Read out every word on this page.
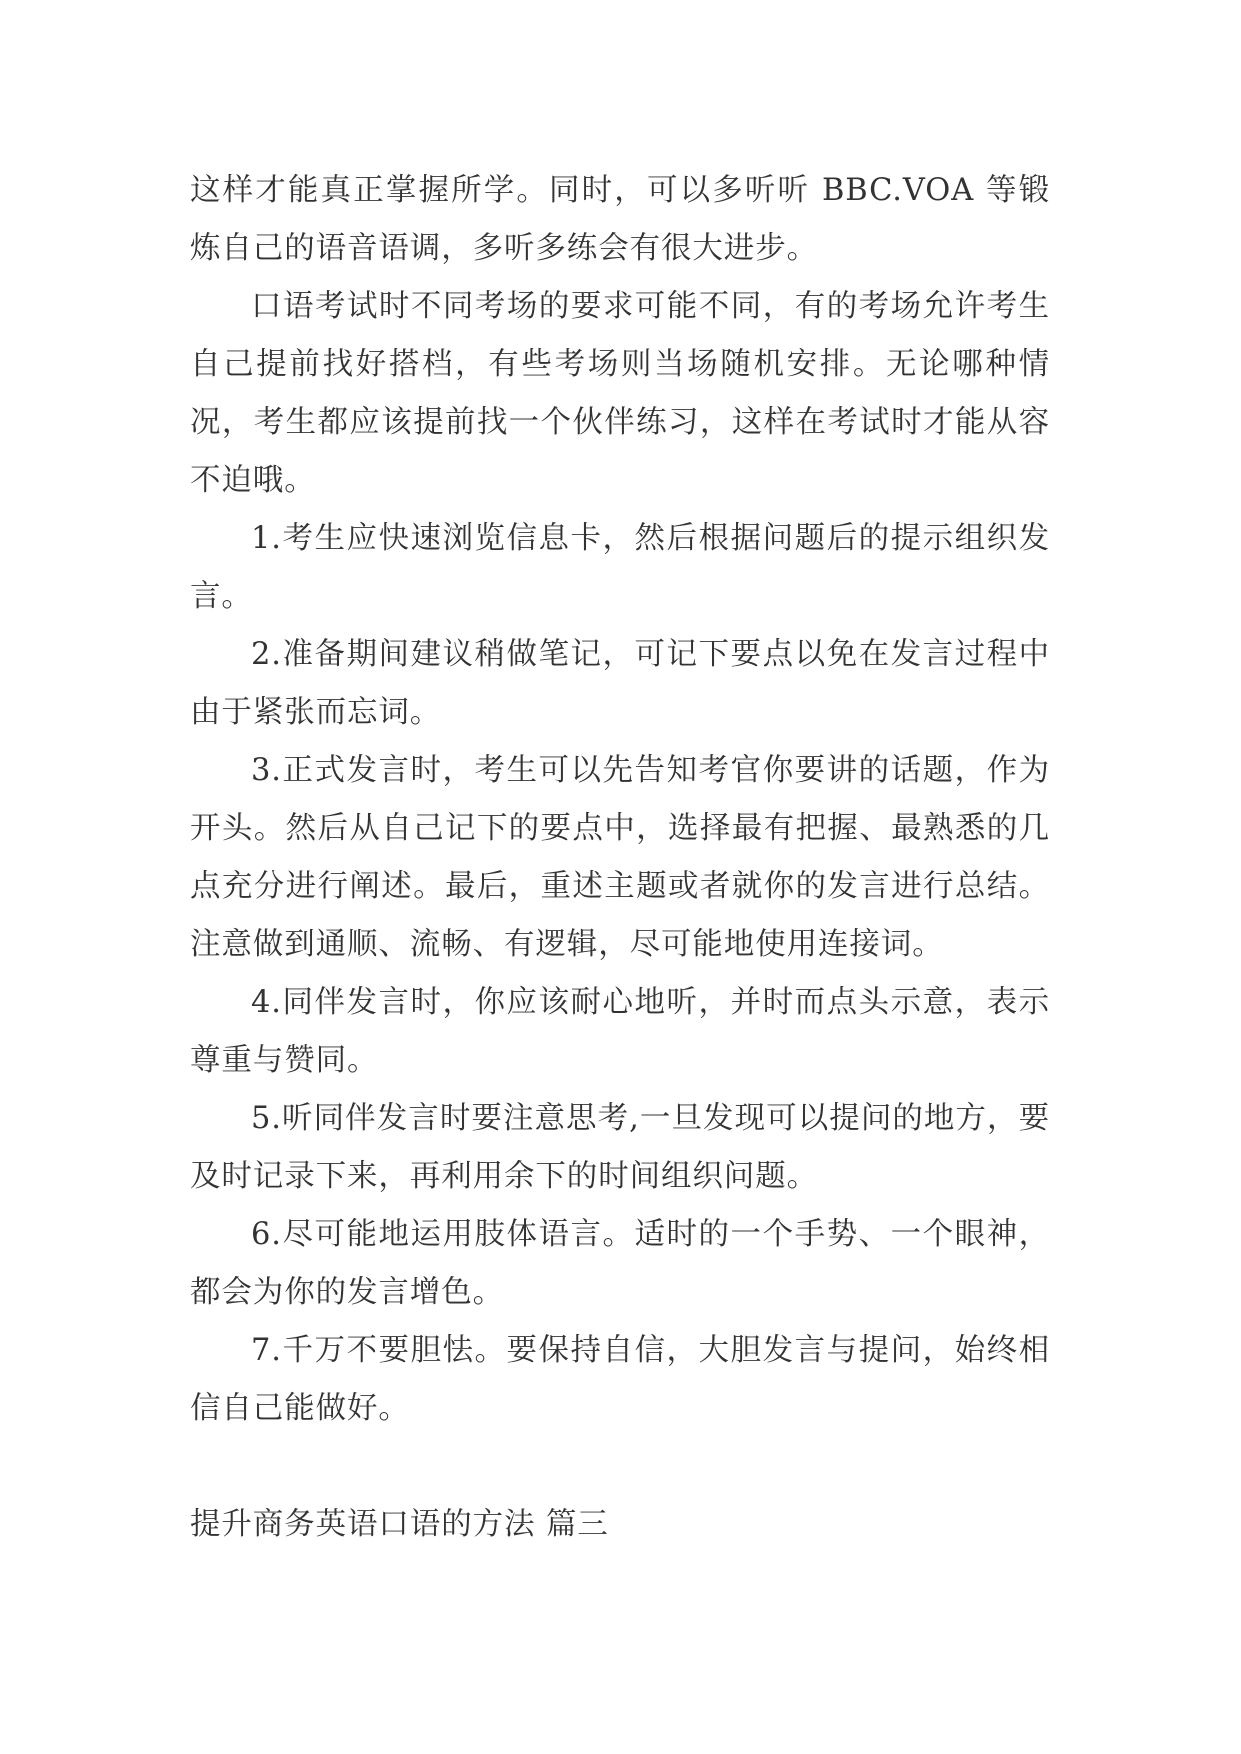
这样才能真正掌握所学。同时，可以多听听 BBC.VOA 等锻炼自己的语音语调，多听多练会有很大进步。

口语考试时不同考场的要求可能不同，有的考场允许考生自己提前找好搭档，有些考场则当场随机安排。无论哪种情况，考生都应该提前找一个伙伴练习，这样在考试时才能从容不迫哦。

1.考生应快速浏览信息卡，然后根据问题后的提示组织发言。

2.准备期间建议稍做笔记，可记下要点以免在发言过程中由于紧张而忘词。

3.正式发言时，考生可以先告知考官你要讲的话题，作为开头。然后从自己记下的要点中，选择最有把握、最熟悉的几点充分进行阐述。最后，重述主题或者就你的发言进行总结。注意做到通顺、流畅、有逻辑，尽可能地使用连接词。

4.同伴发言时，你应该耐心地听，并时而点头示意，表示尊重与赞同。

5.听同伴发言时要注意思考,一旦发现可以提问的地方，要及时记录下来，再利用余下的时间组织问题。

6.尽可能地运用肢体语言。适时的一个手势、一个眼神，都会为你的发言增色。

7.千万不要胆怯。要保持自信，大胆发言与提问，始终相信自己能做好。

提升商务英语口语的方法 篇三
